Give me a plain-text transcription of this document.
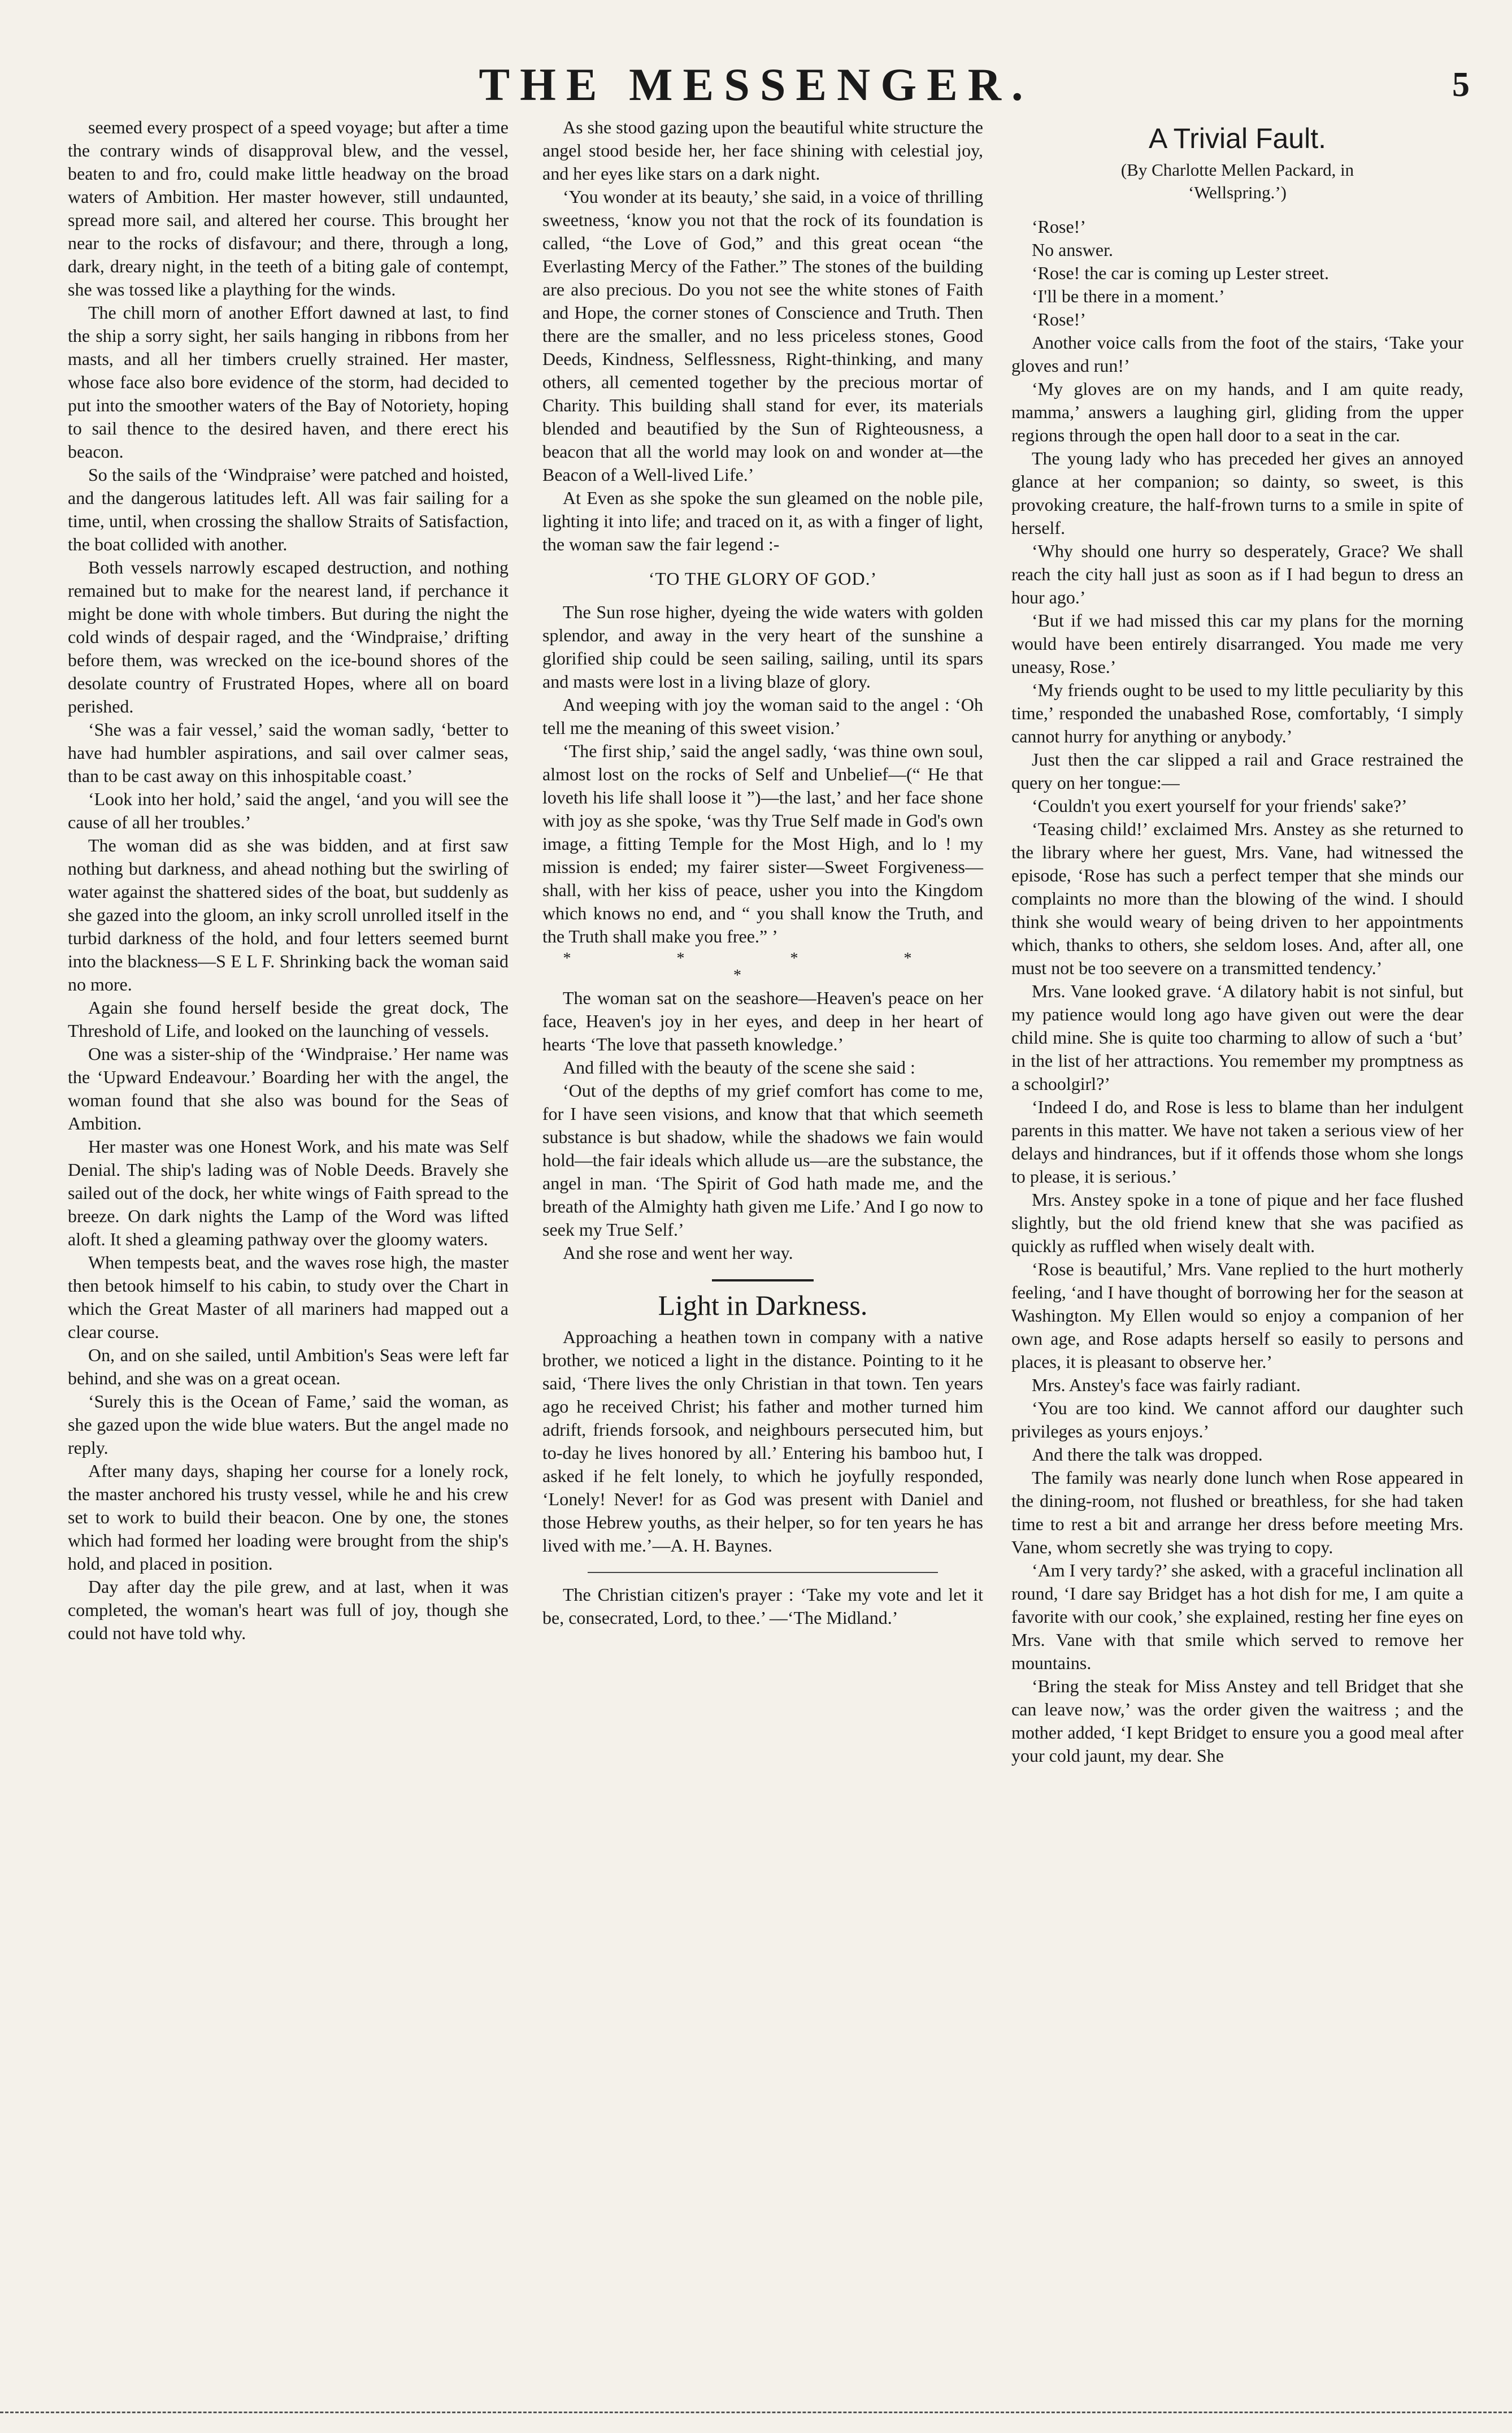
THE MESSENGER.	5

seemed every prospect of a speed voyage; but after a time the contrary winds of disapproval blew, and the vessel, beaten to and fro, could make little headway on the broad waters of Ambition. Her master however, still undaunted, spread more sail, and altered her course. This brought her near to the rocks of disfavour; and there, through a long, dark, dreary night, in the teeth of a biting gale of contempt, she was tossed like a plaything for the winds.

The chill morn of another Effort dawned at last, to find the ship a sorry sight, her sails hanging in ribbons from her masts, and all her timbers cruelly strained. Her master, whose face also bore evidence of the storm, had decided to put into the smoother waters of the Bay of Notoriety, hoping to sail thence to the desired haven, and there erect his beacon.

So the sails of the ‘Windpraise’ were patched and hoisted, and the dangerous latitudes left. All was fair sailing for a time, until, when crossing the shallow Straits of Satisfaction, the boat collided with another.

Both vessels narrowly escaped destruction, and nothing remained but to make for the nearest land, if perchance it might be done with whole timbers. But during the night the cold winds of despair raged, and the ‘Windpraise,’ drifting before them, was wrecked on the ice-bound shores of the desolate country of Frustrated Hopes, where all on board perished.

‘She was a fair vessel,’ said the woman sadly, ‘better to have had humbler aspirations, and sail over calmer seas, than to be cast away on this inhospitable coast.’

‘Look into her hold,’ said the angel, ‘and you will see the cause of all her troubles.’

The woman did as she was bidden, and at first saw nothing but darkness, and ahead nothing but the swirling of water against the shattered sides of the boat, but suddenly as she gazed into the gloom, an inky scroll unrolled itself in the turbid darkness of the hold, and four letters seemed burnt into the blackness—S E L F. Shrinking back the woman said no more.

Again she found herself beside the great dock, The Threshold of Life, and looked on the launching of vessels.

One was a sister-ship of the ‘Windpraise.’ Her name was the ‘Upward Endeavour.’ Boarding her with the angel, the woman found that she also was bound for the Seas of Ambition.

Her master was one Honest Work, and his mate was Self Denial. The ship's lading was of Noble Deeds. Bravely she sailed out of the dock, her white wings of Faith spread to the breeze. On dark nights the Lamp of the Word was lifted aloft. It shed a gleaming pathway over the gloomy waters.

When tempests beat, and the waves rose high, the master then betook himself to his cabin, to study over the Chart in which the Great Master of all mariners had mapped out a clear course.

On, and on she sailed, until Ambition's Seas were left far behind, and she was on a great ocean.

‘Surely this is the Ocean of Fame,’ said the woman, as she gazed upon the wide blue waters. But the angel made no reply.

After many days, shaping her course for a lonely rock, the master anchored his trusty vessel, while he and his crew set to work to build their beacon. One by one, the stones which had formed her loading were brought from the ship's hold, and placed in position.

Day after day the pile grew, and at last, when it was completed, the woman's heart was full of joy, though she could not have told why.

As she stood gazing upon the beautiful white structure the angel stood beside her, her face shining with celestial joy, and her eyes like stars on a dark night.

‘You wonder at its beauty,’ she said, in a voice of thrilling sweetness, ‘know you not that the rock of its foundation is called, “the Love of God,” and this great ocean “the Everlasting Mercy of the Father.” The stones of the building are also precious. Do you not see the white stones of Faith and Hope, the corner stones of Conscience and Truth. Then there are the smaller, and no less priceless stones, Good Deeds, Kindness, Selflessness, Right-thinking, and many others, all cemented together by the precious mortar of Charity. This building shall stand for ever, its materials blended and beautified by the Sun of Righteousness, a beacon that all the world may look on and wonder at—the Beacon of a Well-lived Life.’

At Even as she spoke the sun gleamed on the noble pile, lighting it into life; and traced on it, as with a finger of light, the woman saw the fair legend :-

‘TO THE GLORY OF GOD.’

The Sun rose higher, dyeing the wide waters with golden splendor, and away in the very heart of the sunshine a glorified ship could be seen sailing, sailing, until its spars and masts were lost in a living blaze of glory.

And weeping with joy the woman said to the angel : ‘Oh tell me the meaning of this sweet vision.’

‘The first ship,’ said the angel sadly, ‘was thine own soul, almost lost on the rocks of Self and Unbelief—(“ He that loveth his life shall loose it ”)—the last,’ and her face shone with joy as she spoke, ‘was thy True Self made in God's own image, a fitting Temple for the Most High, and lo ! my mission is ended; my fairer sister—Sweet Forgiveness—shall, with her kiss of peace, usher you into the Kingdom which knows no end, and “ you shall know the Truth, and the Truth shall make you free.” ’

* * * * *

The woman sat on the seashore—Heaven's peace on her face, Heaven's joy in her eyes, and deep in her heart of hearts ‘The love that passeth knowledge.’

And filled with the beauty of the scene she said :

‘Out of the depths of my grief comfort has come to me, for I have seen visions, and know that that which seemeth substance is but shadow, while the shadows we fain would hold—the fair ideals which allude us—are the substance, the angel in man. ‘The Spirit of God hath made me, and the breath of the Almighty hath given me Life.’ And I go now to seek my True Self.’

And she rose and went her way.

Light in Darkness.

Approaching a heathen town in company with a native brother, we noticed a light in the distance. Pointing to it he said, ‘There lives the only Christian in that town. Ten years ago he received Christ; his father and mother turned him adrift, friends forsook, and neighbours persecuted him, but to-day he lives honored by all.’ Entering his bamboo hut, I asked if he felt lonely, to which he joyfully responded, ‘Lonely! Never! for as God was present with Daniel and those Hebrew youths, as their helper, so for ten years he has lived with me.’—A. H. Baynes.

The Christian citizen's prayer : ‘Take my vote and let it be, consecrated, Lord, to thee.’ —‘The Midland.’

A Trivial Fault.
(By Charlotte Mellen Packard, in
‘Wellspring.’)

‘Rose!’

No answer.

‘Rose! the car is coming up Lester street.

‘I'll be there in a moment.’

‘Rose!’

Another voice calls from the foot of the stairs, ‘Take your gloves and run!’

‘My gloves are on my hands, and I am quite ready, mamma,’ answers a laughing girl, gliding from the upper regions through the open hall door to a seat in the car.

The young lady who has preceded her gives an annoyed glance at her companion; so dainty, so sweet, is this provoking creature, the half-frown turns to a smile in spite of herself.

‘Why should one hurry so desperately, Grace? We shall reach the city hall just as soon as if I had begun to dress an hour ago.’

‘But if we had missed this car my plans for the morning would have been entirely disarranged. You made me very uneasy, Rose.’

‘My friends ought to be used to my little peculiarity by this time,’ responded the unabashed Rose, comfortably, ‘I simply cannot hurry for anything or anybody.’

Just then the car slipped a rail and Grace restrained the query on her tongue:—

‘Couldn't you exert yourself for your friends' sake?’

‘Teasing child!’ exclaimed Mrs. Anstey as she returned to the library where her guest, Mrs. Vane, had witnessed the episode, ‘Rose has such a perfect temper that she minds our complaints no more than the blowing of the wind. I should think she would weary of being driven to her appointments which, thanks to others, she seldom loses. And, after all, one must not be too seevere on a transmitted tendency.’

Mrs. Vane looked grave. ‘A dilatory habit is not sinful, but my patience would long ago have given out were the dear child mine. She is quite too charming to allow of such a ‘but’ in the list of her attractions. You remember my promptness as a schoolgirl?’

‘Indeed I do, and Rose is less to blame than her indulgent parents in this matter. We have not taken a serious view of her delays and hindrances, but if it offends those whom she longs to please, it is serious.’

Mrs. Anstey spoke in a tone of pique and her face flushed slightly, but the old friend knew that she was pacified as quickly as ruffled when wisely dealt with.

‘Rose is beautiful,’ Mrs. Vane replied to the hurt motherly feeling, ‘and I have thought of borrowing her for the season at Washington. My Ellen would so enjoy a companion of her own age, and Rose adapts herself so easily to persons and places, it is pleasant to observe her.’

Mrs. Anstey's face was fairly radiant.

‘You are too kind. We cannot afford our daughter such privileges as yours enjoys.’

And there the talk was dropped.

The family was nearly done lunch when Rose appeared in the dining-room, not flushed or breathless, for she had taken time to rest a bit and arrange her dress before meeting Mrs. Vane, whom secretly she was trying to copy.

‘Am I very tardy?’ she asked, with a graceful inclination all round, ‘I dare say Bridget has a hot dish for me, I am quite a favorite with our cook,’ she explained, resting her fine eyes on Mrs. Vane with that smile which served to remove her mountains.

‘Bring the steak for Miss Anstey and tell Bridget that she can leave now,’ was the order given the waitress ; and the mother added, ‘I kept Bridget to ensure you a good meal after your cold jaunt, my dear. She
